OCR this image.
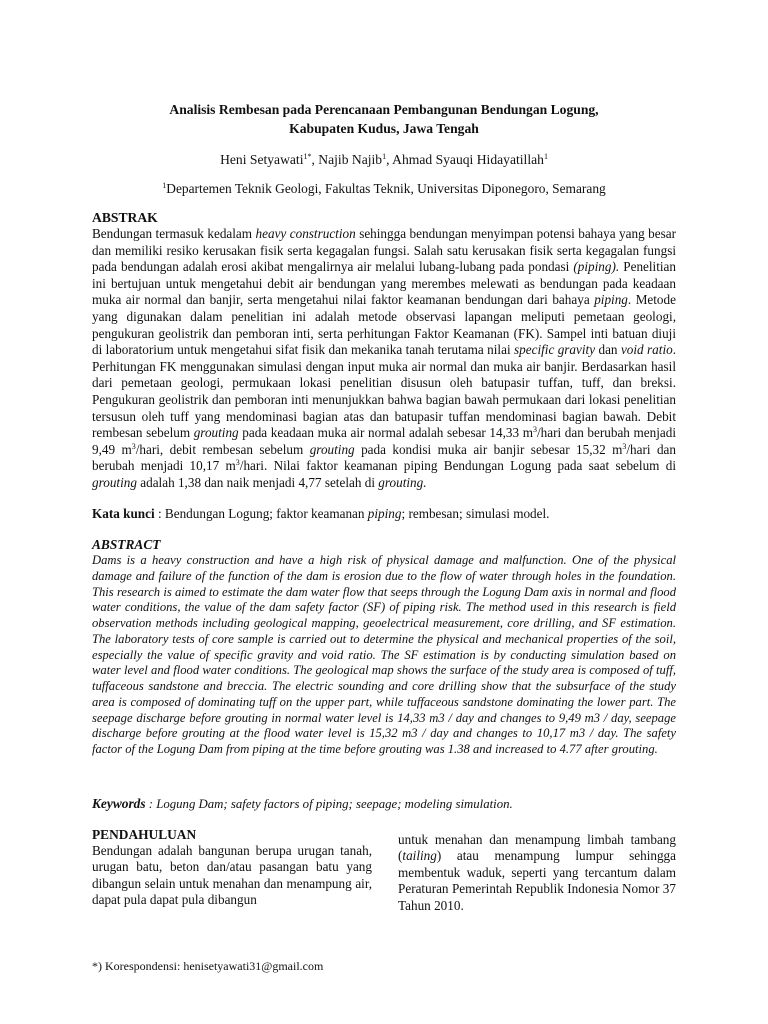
Analisis Rembesan pada Perencanaan Pembangunan Bendungan Logung,
Kabupaten Kudus, Jawa Tengah
Heni Setyawati$^{1*}$, Najib Najib$^1$, Ahmad Syauqi Hidayatillah$^1$
$^1$Departemen Teknik Geologi, Fakultas Teknik, Universitas Diponegoro, Semarang
ABSTRAK

Bendungan termasuk kedalam heavy construction sehingga bendungan menyimpan potensi bahaya yang besar dan memiliki resiko kerusakan fisik serta kegagalan fungsi. Salah satu kerusakan fisik serta kegagalan fungsi pada bendungan adalah erosi akibat mengalirnya air melalui lubang-lubang pada pondasi (piping). Penelitian ini bertujuan untuk mengetahui debit air bendungan yang merembes melewati as bendungan pada keadaan muka air normal dan banjir, serta mengetahui nilai faktor keamanan bendungan dari bahaya piping. Metode yang digunakan dalam penelitian ini adalah metode observasi lapangan meliputi pemetaan geologi, pengukuran geolistrik dan pemboran inti, serta perhitungan Faktor Keamanan (FK). Sampel inti batuan diuji di laboratorium untuk mengetahui sifat fisik dan mekanika tanah terutama nilai specific gravity dan void ratio. Perhitungan FK menggunakan simulasi dengan input muka air normal dan muka air banjir. Berdasarkan hasil dari pemetaan geologi, permukaan lokasi penelitian disusun oleh batupasir tuffan, tuff, dan breksi. Pengukuran geolistrik dan pemboran inti menunjukkan bahwa bagian bawah permukaan dari lokasi penelitian tersusun oleh tuff yang mendominasi bagian atas dan batupasir tuffan mendominasi bagian bawah. Debit rembesan sebelum grouting pada keadaan muka air normal adalah sebesar 14,33 $m^3$/hari dan berubah menjadi 9,49 $m^3$/hari, debit rembesan sebelum grouting pada kondisi muka air banjir sebesar 15,32 $m^3$/hari dan berubah menjadi 10,17 $m^3$/hari. Nilai faktor keamanan piping Bendungan Logung pada saat sebelum di grouting adalah 1,38 dan naik menjadi 4,77 setelah di grouting.

Kata kunci : Bendungan Logung; faktor keamanan piping; rembesan; simulasi model.

ABSTRACT

Dams is a heavy construction and have a high risk of physical damage and malfunction. One of the physical damage and failure of the function of the dam is erosion due to the flow of water through holes in the foundation. This research is aimed to estimate the dam water flow that seeps through the Logung Dam axis in normal and flood water conditions, the value of the dam safety factor (SF) of piping risk. The method used in this research is field observation methods including geological mapping, geoelectrical measurement, core drilling, and SF estimation. The laboratory tests of core sample is carried out to determine the physical and mechanical properties of the soil, especially the value of specific gravity and void ratio. The SF estimation is by conducting simulation based on water level and flood water conditions. The geological map shows the surface of the study area is composed of tuff, tuffaceous sandstone and breccia. The electric sounding and core drilling show that the subsurface of the study area is composed of dominating tuff on the upper part, while tuffaceous sandstone dominating the lower part. The seepage discharge before grouting in normal water level is 14,33 m3 / day and changes to 9,49 m3 / day, seepage discharge before grouting at the flood water level is 15,32 m3 / day and changes to 10,17 m3 / day. The safety factor of the Logung Dam from piping at the time before grouting was 1.38 and increased to 4.77 after grouting.

Keywords : Logung Dam; safety factors of piping; seepage; modeling simulation.

PENDAHULUAN

Bendungan adalah bangunan berupa urugan tanah, urugan batu, beton dan/atau pasangan batu yang dibangun selain untuk menahan dan menampung air, dapat pula dapat pula dibangun

untuk menahan dan menampung limbah tambang (tailing) atau menampung lumpur sehingga membentuk waduk, seperti yang tercantum dalam Peraturan Pemerintah Republik Indonesia Nomor 37 Tahun 2010.

*) Korespondensi: henisetyawati31@gmail.com
